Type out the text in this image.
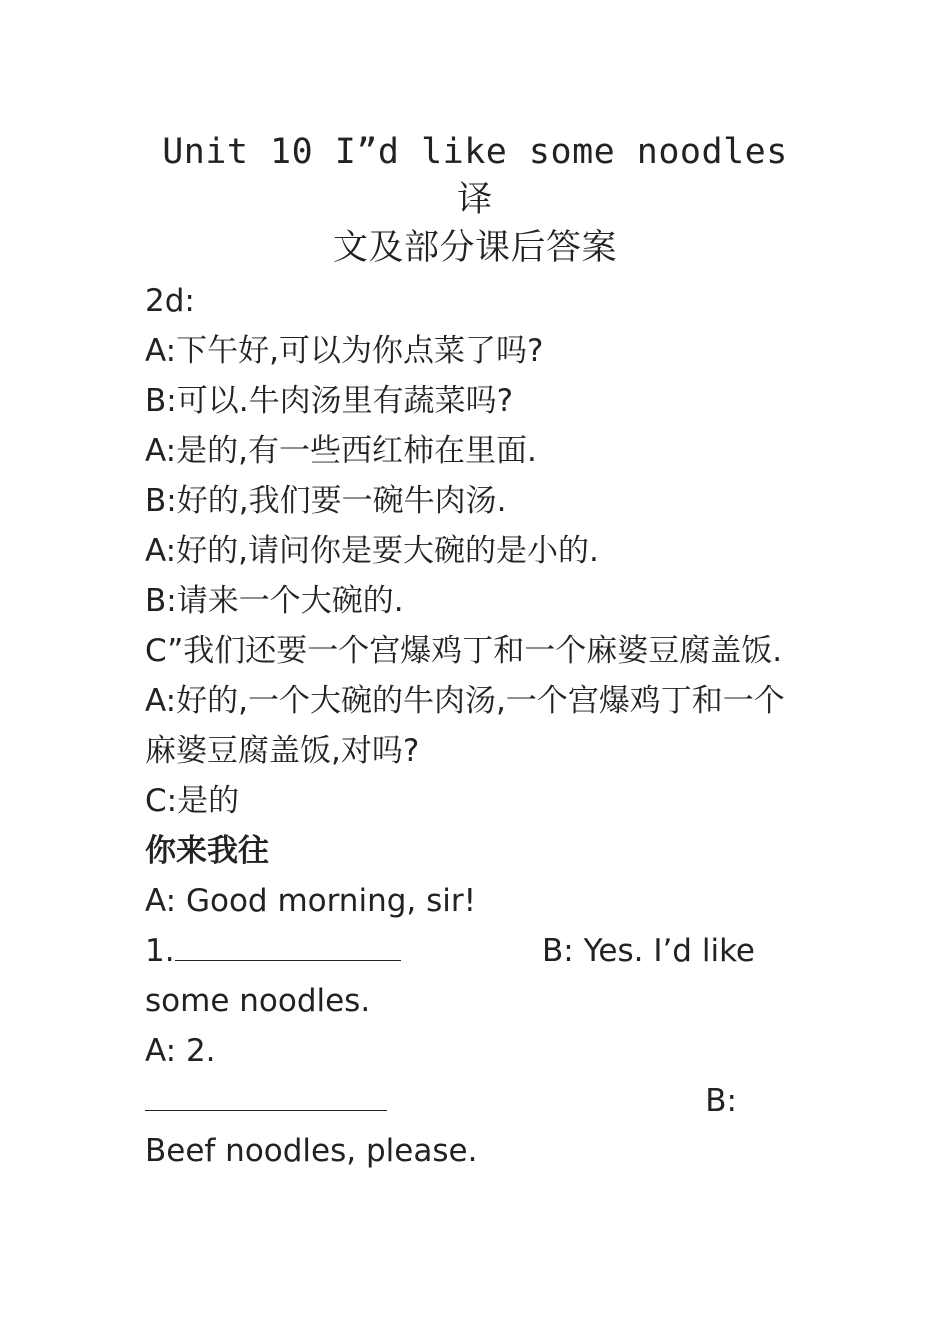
Unit 10 I”d like some noodles 译
文及部分课后答案
2d:
A:下午好,可以为你点菜了吗?
B:可以.牛肉汤里有蔬菜吗?
A:是的,有一些西红柿在里面.
B:好的,我们要一碗牛肉汤.
A:好的,请问你是要大碗的是小的.
B:请来一个大碗的.
C”我们还要一个宫爆鸡丁和一个麻婆豆腐盖饭.
A:好的,一个大碗的牛肉汤,一个宫爆鸡丁和一个
麻婆豆腐盖饭,对吗?
C:是的
你来我往
A: Good morning, sir!
1.	B: Yes. I’d like
some noodles.
A: 2.
B:
Beef noodles, please.
